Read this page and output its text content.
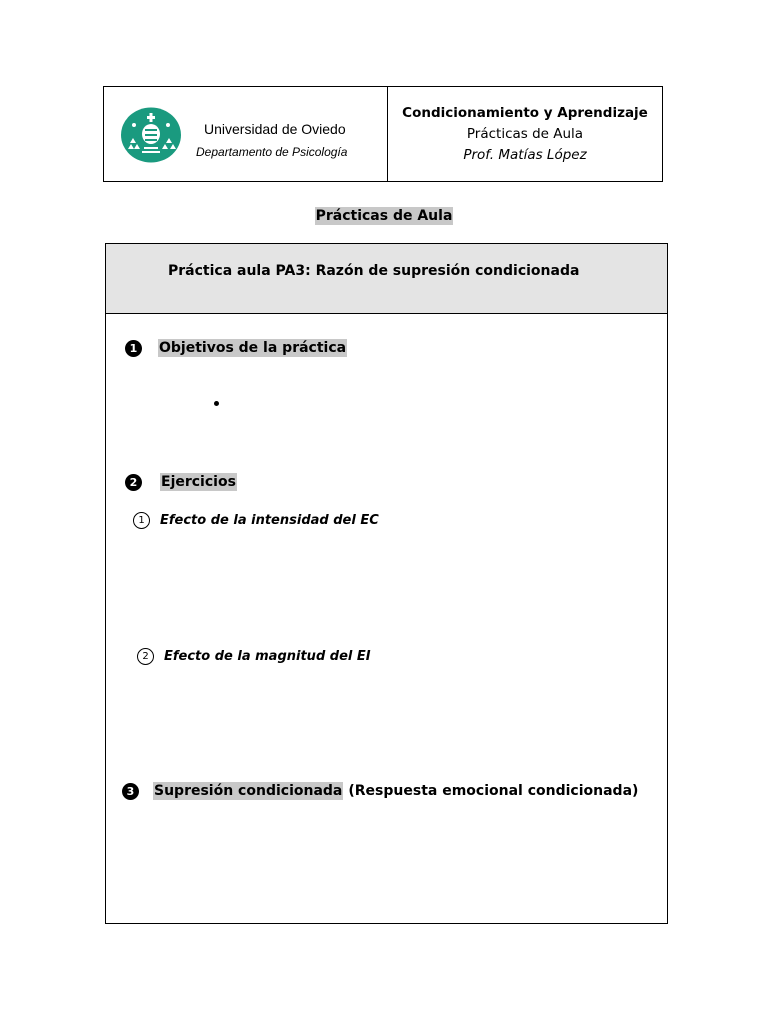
Universidad de Oviedo
Departamento de Psicología
Condicionamiento y Aprendizaje
Prácticas de Aula
Prof. Matías López
Prácticas de Aula
Práctica aula PA3: Razón de supresión condicionada
1	Objetivos de la práctica
2	Ejercicios
1	Efecto de la intensidad del EC
2	Efecto de la magnitud del EI
3	Supresión condicionada (Respuesta emocional condicionada)
